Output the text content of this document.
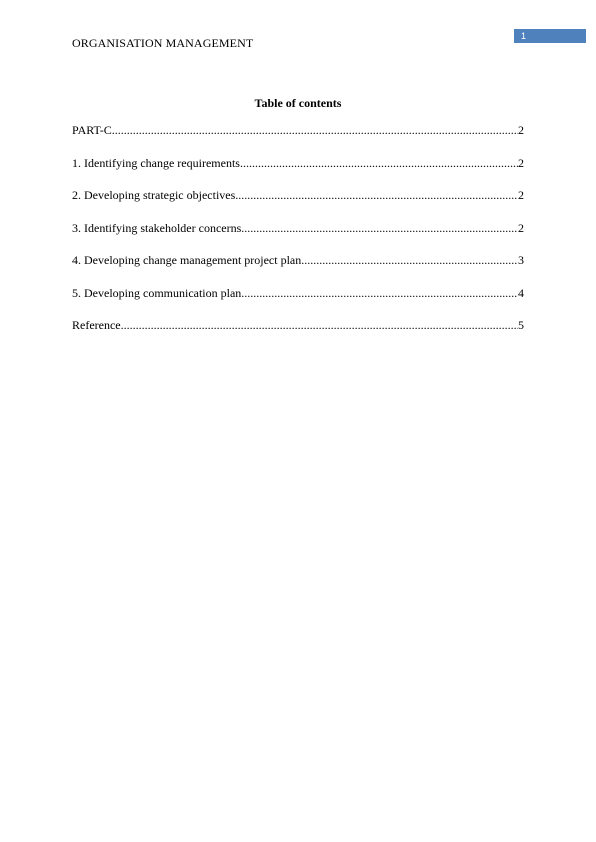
ORGANISATION MANAGEMENT	1
Table of contents
PART-C .....	2
1. Identifying change requirements .....	2
2. Developing strategic objectives .....	2
3. Identifying stakeholder concerns .....	2
4. Developing change management project plan .....	3
5. Developing communication plan .....	4
Reference .....	5
